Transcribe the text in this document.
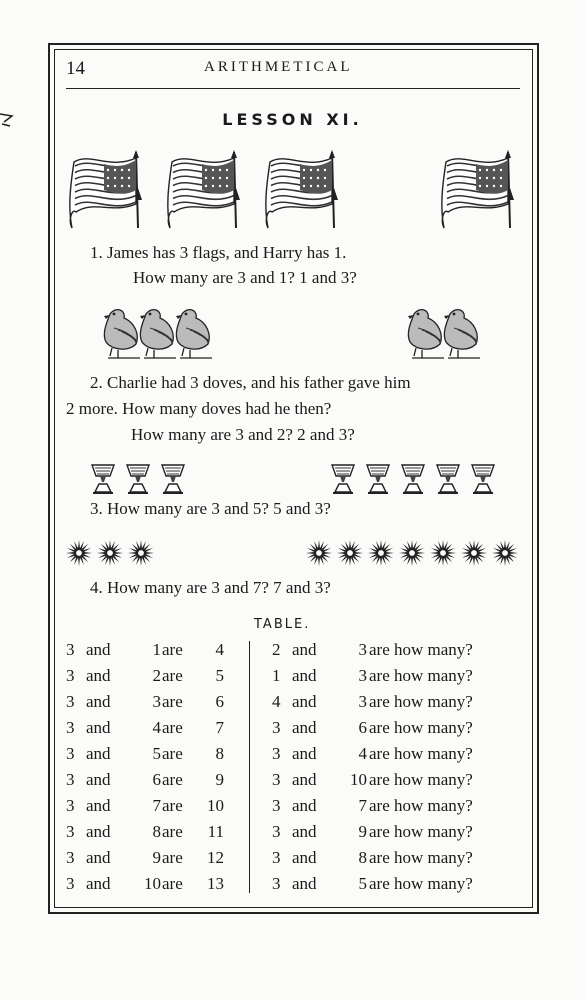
14	ARITHMETICAL
LESSON XI.
1. James has 3 flags, and Harry has 1.
How many are 3 and 1? 1 and 3?
2. Charlie had 3 doves, and his father gave him
2 more. How many doves had he then?
How many are 3 and 2? 2 and 3?
3. How many are 3 and 5? 5 and 3?
4. How many are 3 and 7? 7 and 3?
TABLE.
3 and	1 are	4
3 and	2 are	5
3 and	3 are	6
3 and	4 are	7
3 and	5 are	8
3 and	6 are	9
3 and	7 are 10
3 and	8 are 11
3 and	9 are 12
3 and 10 are 13
2 and	3 are how many?
1 and	3 are how many?
4 and	3 are how many?
3 and	6 are how many?
3 and	4 are how many?
3 and 10 are how many?
3 and	7 are how many?
3 and	9 are how many?
3 and	8 are how many?
3 and	5 are how many?
